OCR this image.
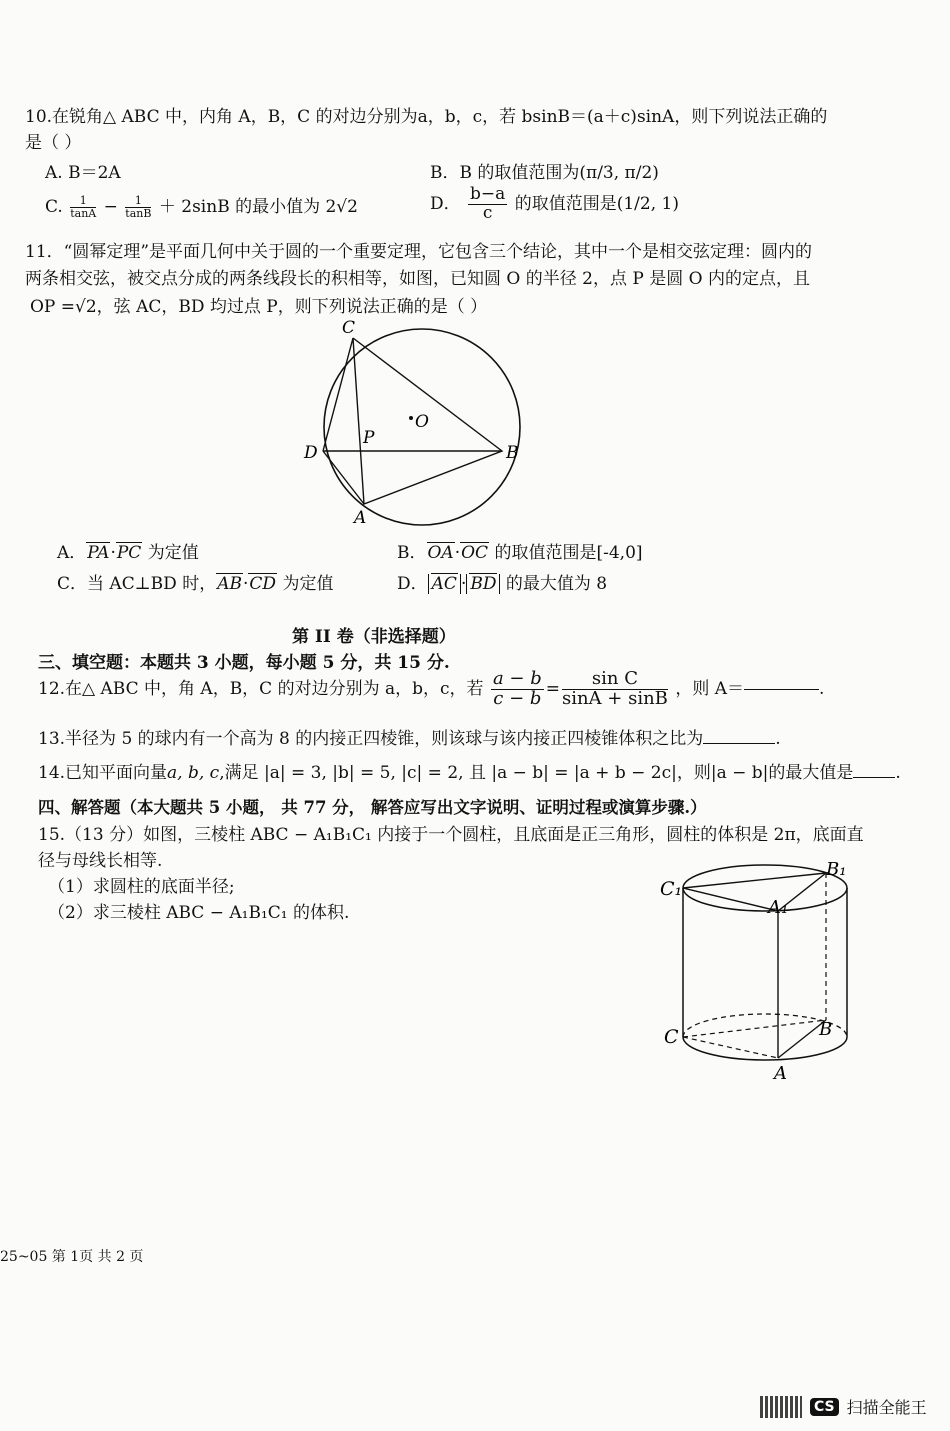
10.在锐角△ ABC 中，内角 A，B，C 的对边分别为a，b，c，若 bsinB＝(a＋c)sinA，则下列说法正确的
是（ ）
A. B＝2A	B．B 的取值范围为(π/3, π/2)
C. $\frac{1}{\tan A} - \frac{1}{\tan B} + 2\sin B$ 的最小值为 2√2	D． $\frac{b-a}{c}$ 的取值范围是(1/2, 1)
11．“圆幂定理”是平面几何中关于圆的一个重要定理，它包含三个结论，其中一个是相交弦定理：圆内的
两条相交弦，被交点分成的两条线段长的积相等，如图，已知圆 O 的半径 2，点 P 是圆 O 内的定点，且
OP =√2，弦 AC，BD 均过点 P，则下列说法正确的是（ ）
C
O
P
D	B
A
A．PA·PC 为定值	B．OA·OC 的取值范围是[-4,0]
C．当 AC⊥BD 时，AB·CD 为定值	D． AC · BD 的最大值为 8
第 II 卷（非选择题）
三、填空题：本题共 3 小题，每小题 5 分，共 15 分.
12.在△ ABC 中，角 A，B，C 的对边分别为 a，b，c，若 $\frac{a - b}{c - b} = \frac{\text{sin C}}{\sin A + \sin B}$ ，则 A＝	.
13.半径为 5 的球内有一个高为 8 的内接正四棱锥，则该球与该内接正四棱锥体积之比为	.
14.已知平面向量a, b, c,满足 |a| = 3, |b| = 5, |c| = 2, 且 |a − b| = |a + b − 2c|，则|a − b|的最大值是 .
四、解答题（本大题共 5 小题， 共 77 分， 解答应写出文字说明、证明过程或演算步骤.）
15.（13 分）如图，三棱柱 ABC − A₁B₁C₁ 内接于一个圆柱，且底面是正三角形，圆柱的体积是 2π，底面直
径与母线长相等.
（1）求圆柱的底面半径;
（2）求三棱柱 ABC − A₁B₁C₁ 的体积.
C₁
B₁
A₁
C	B
A
25~05 第 1页 共 2 页
CS 扫描全能王
